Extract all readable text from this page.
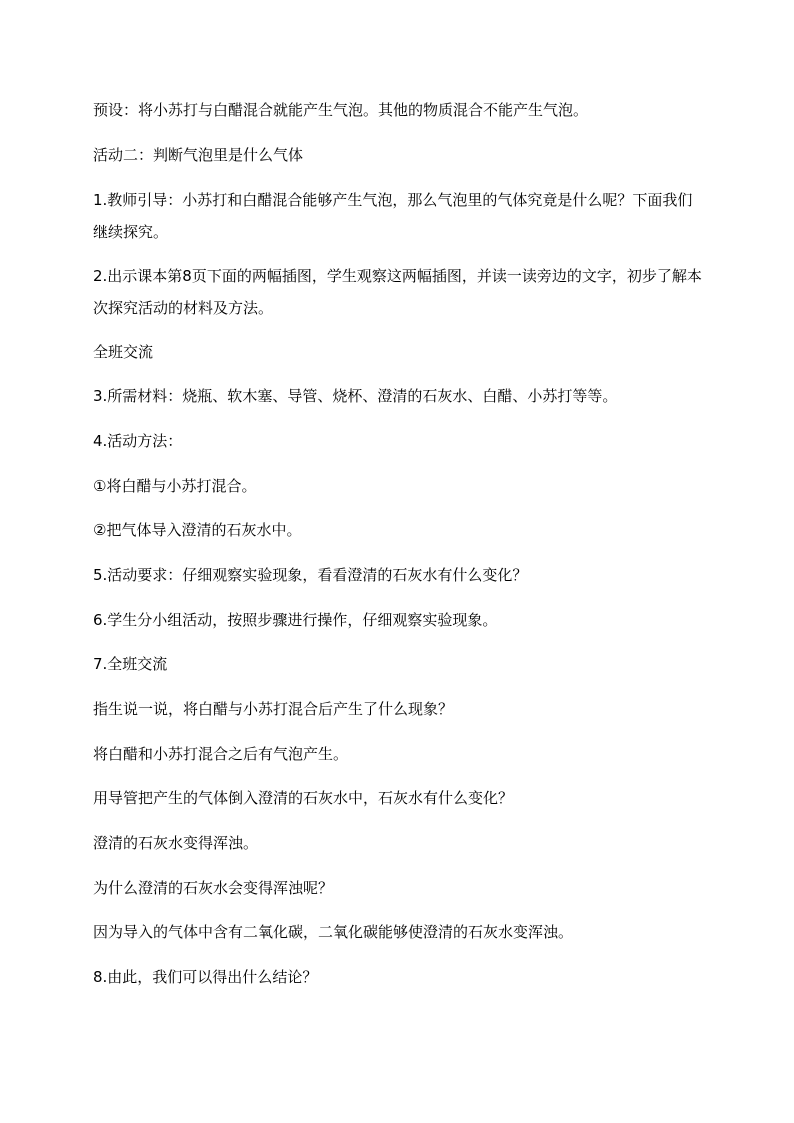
预设：将小苏打与白醋混合就能产生气泡。其他的物质混合不能产生气泡。

活动二：判断气泡里是什么气体

1.教师引导：小苏打和白醋混合能够产生气泡，那么气泡里的气体究竟是什么呢？下面我们继续探究。

2.出示课本第8页下面的两幅插图，学生观察这两幅插图，并读一读旁边的文字，初步了解本次探究活动的材料及方法。

全班交流

3.所需材料：烧瓶、软木塞、导管、烧杯、澄清的石灰水、白醋、小苏打等等。

4.活动方法：

①将白醋与小苏打混合。

②把气体导入澄清的石灰水中。

5.活动要求：仔细观察实验现象，看看澄清的石灰水有什么变化？

6.学生分小组活动，按照步骤进行操作，仔细观察实验现象。

7.全班交流

指生说一说，将白醋与小苏打混合后产生了什么现象？

将白醋和小苏打混合之后有气泡产生。

用导管把产生的气体倒入澄清的石灰水中，石灰水有什么变化？

澄清的石灰水变得浑浊。

为什么澄清的石灰水会变得浑浊呢？

因为导入的气体中含有二氧化碳，二氧化碳能够使澄清的石灰水变浑浊。

8.由此，我们可以得出什么结论？
